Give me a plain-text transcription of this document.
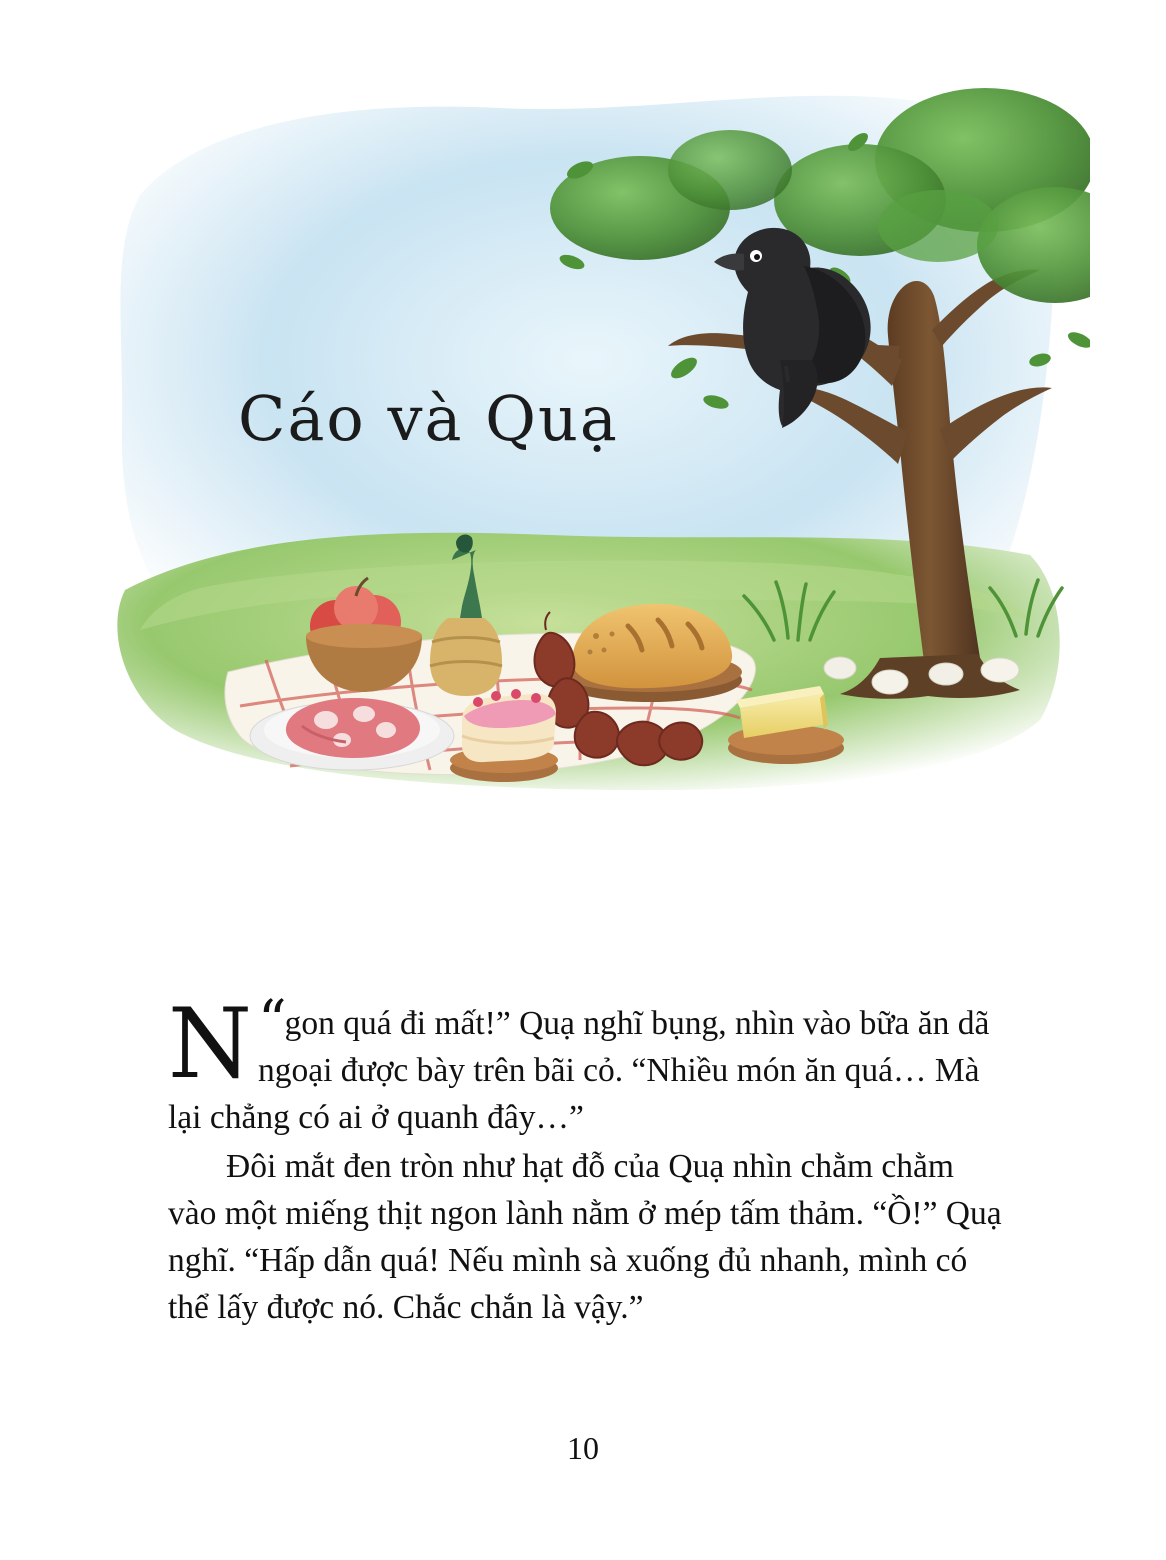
Cáo và Quạ

“
N gon quá đi mất!” Quạ nghĩ bụng, nhìn vào bữa ăn dã ngoại được bày trên bãi cỏ. “Nhiều món ăn quá… Mà lại chẳng có ai ở quanh đây…”

Đôi mắt đen tròn như hạt đỗ của Quạ nhìn chằm chằm vào một miếng thịt ngon lành nằm ở mép tấm thảm. “Ồ!” Quạ nghĩ. “Hấp dẫn quá! Nếu mình sà xuống đủ nhanh, mình có thể lấy được nó. Chắc chắn là vậy.”

10
